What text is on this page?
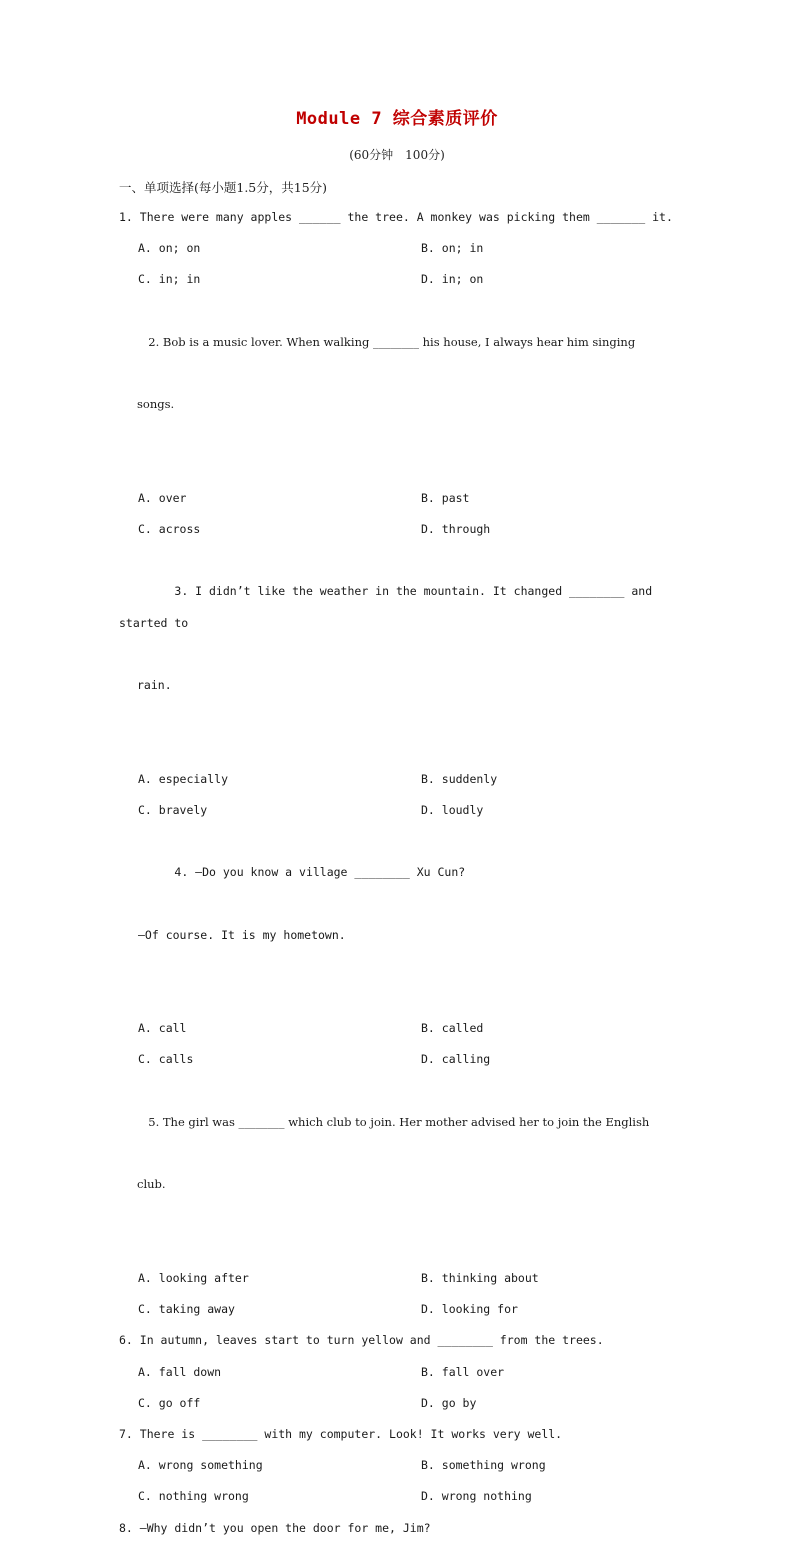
Module 7 综合素质评价
(60分钟　100分)
一、单项选择(每小题1.5分，共15分)

1. There were many apples ______ the tree. A monkey was picking them _______ it.

A. on; on	B. on; in
C. in; in	D. in; on

2. Bob is a music lover. When walking ________ his house, I always hear him singing

songs.

A. over	B. past
C. across	D. through

3. I didn’t like the weather in the mountain. It changed ________ and started to

rain.

A. especially	B. suddenly
C. bravely	D. loudly

4. —Do you know a village ________ Xu Cun?

—Of course. It is my hometown.

A. call	B. called
C. calls	D. calling

5. The girl was ________ which club to join. Her mother advised her to join the English

club.

A. looking after	B. thinking about
C. taking away	D. looking for

6. In autumn, leaves start to turn yellow and ________ from the trees.

A. fall down	B. fall over
C. go off	D. go by

7. There is ________ with my computer. Look! It works very well.

A. wrong something	B. something wrong
C. nothing wrong	D. wrong nothing

8. —Why didn’t you open the door for me, Jim?
